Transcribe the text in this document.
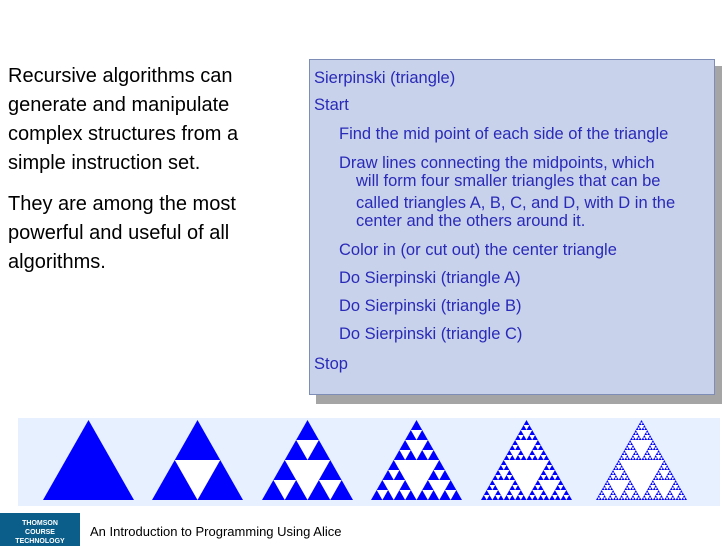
Recursive algorithms can generate and manipulate complex structures from a simple instruction set.

They are among the most powerful and useful of all algorithms.

Sierpinski (triangle)
Start
Find the mid point of each side of the triangle
Draw lines connecting the midpoints, which
will form four smaller triangles that can be
called triangles A, B, C, and D, with D in the
center and the others around it.
Color in (or cut out) the center triangle
Do Sierpinski (triangle A)
Do Sierpinski (triangle B)
Do Sierpinski (triangle C)
Stop
THOMSON
COURSE TECHNOLOGY
An Introduction to Programming Using Alice
